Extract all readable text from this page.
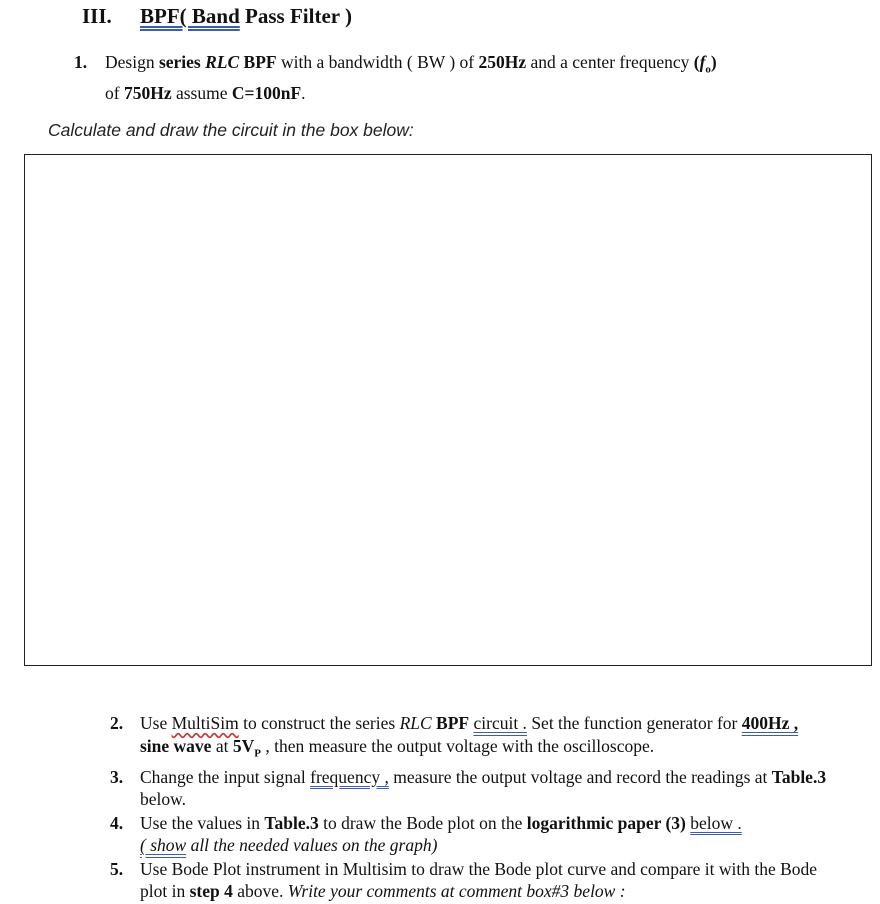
III. BPF( Band Pass Filter )
1. Design series RLC BPF with a bandwidth ( BW ) of 250Hz and a center frequency $(f_o)$
of 750Hz assume C=100nF.
Calculate and draw the circuit in the box below:
2. Use MultiSim to construct the series RLC BPF circuit . Set the function generator for 400Hz , sine wave at $5V_P$ , then measure the output voltage with the oscilloscope.
3. Change the input signal frequency , measure the output voltage and record the readings at Table.3 below.
4. Use the values in Table.3 to draw the Bode plot on the logarithmic paper (3) below .
( show all the needed values on the graph)
5. Use Bode Plot instrument in Multisim to draw the Bode plot curve and compare it with the Bode plot in step 4 above. Write your comments at comment box#3 below :
